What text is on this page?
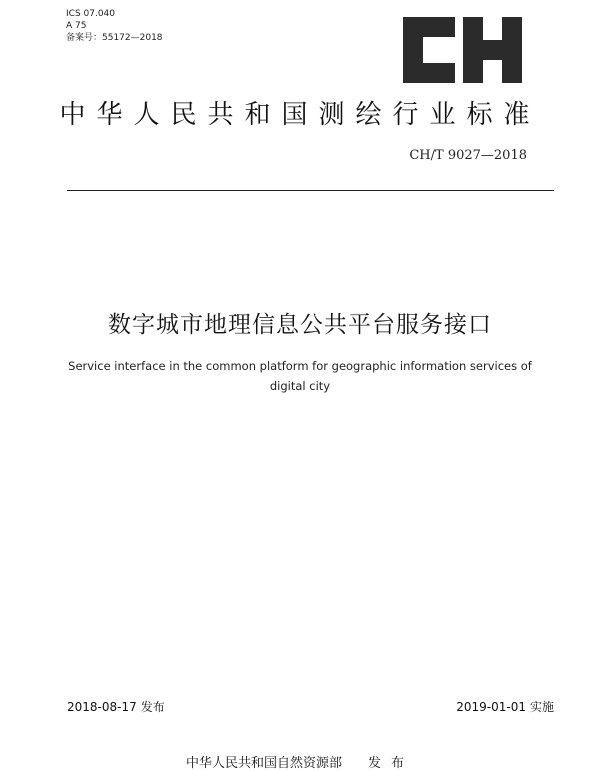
ICS 07.040
A 75
备案号：55172—2018
中华人民共和国测绘行业标准
CH/T 9027—2018
数字城市地理信息公共平台服务接口
Service interface in the common platform for geographic information services of digital city
2018-08-17 发布	2019-01-01 实施
中华人民共和国自然资源部 发布
